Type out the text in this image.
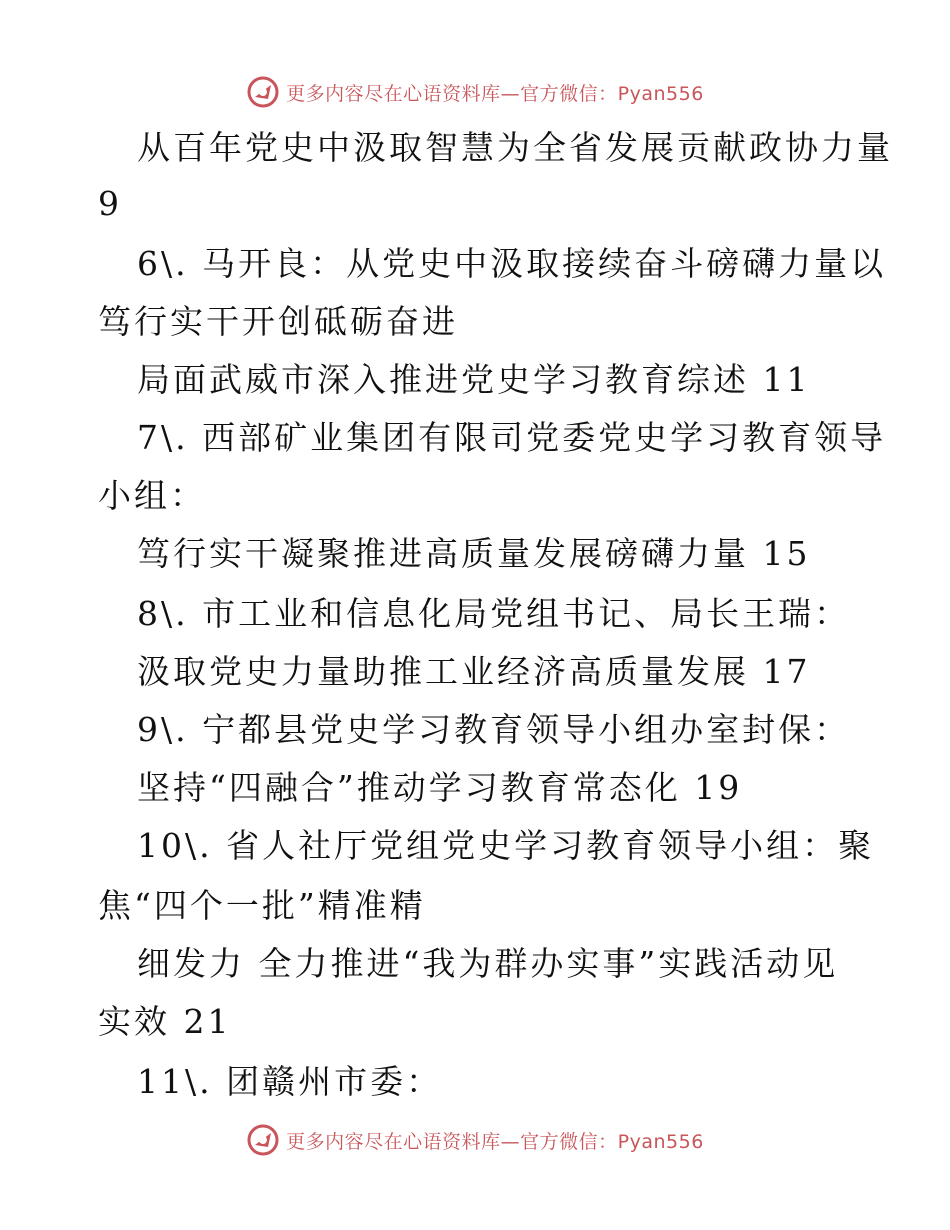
更多内容尽在心语资料库—官方微信：Pyan556
从百年党史中汲取智慧为全省发展贡献政协力量
9
6\. 马开良：从党史中汲取接续奋斗磅礴力量以
笃行实干开创砥砺奋进
局面武威市深入推进党史学习教育综述 11
7\. 西部矿业集团有限司党委党史学习教育领导
小组：
笃行实干凝聚推进高质量发展磅礴力量 15
8\. 市工业和信息化局党组书记、局长王瑞：
汲取党史力量助推工业经济高质量发展 17
9\. 宁都县党史学习教育领导小组办室封保：
坚持“四融合”推动学习教育常态化 19
10\. 省人社厅党组党史学习教育领导小组：聚
焦“四个一批”精准精
细发力 全力推进“我为群办实事”实践活动见
实效 21
11\. 团赣州市委：
更多内容尽在心语资料库—官方微信：Pyan556
